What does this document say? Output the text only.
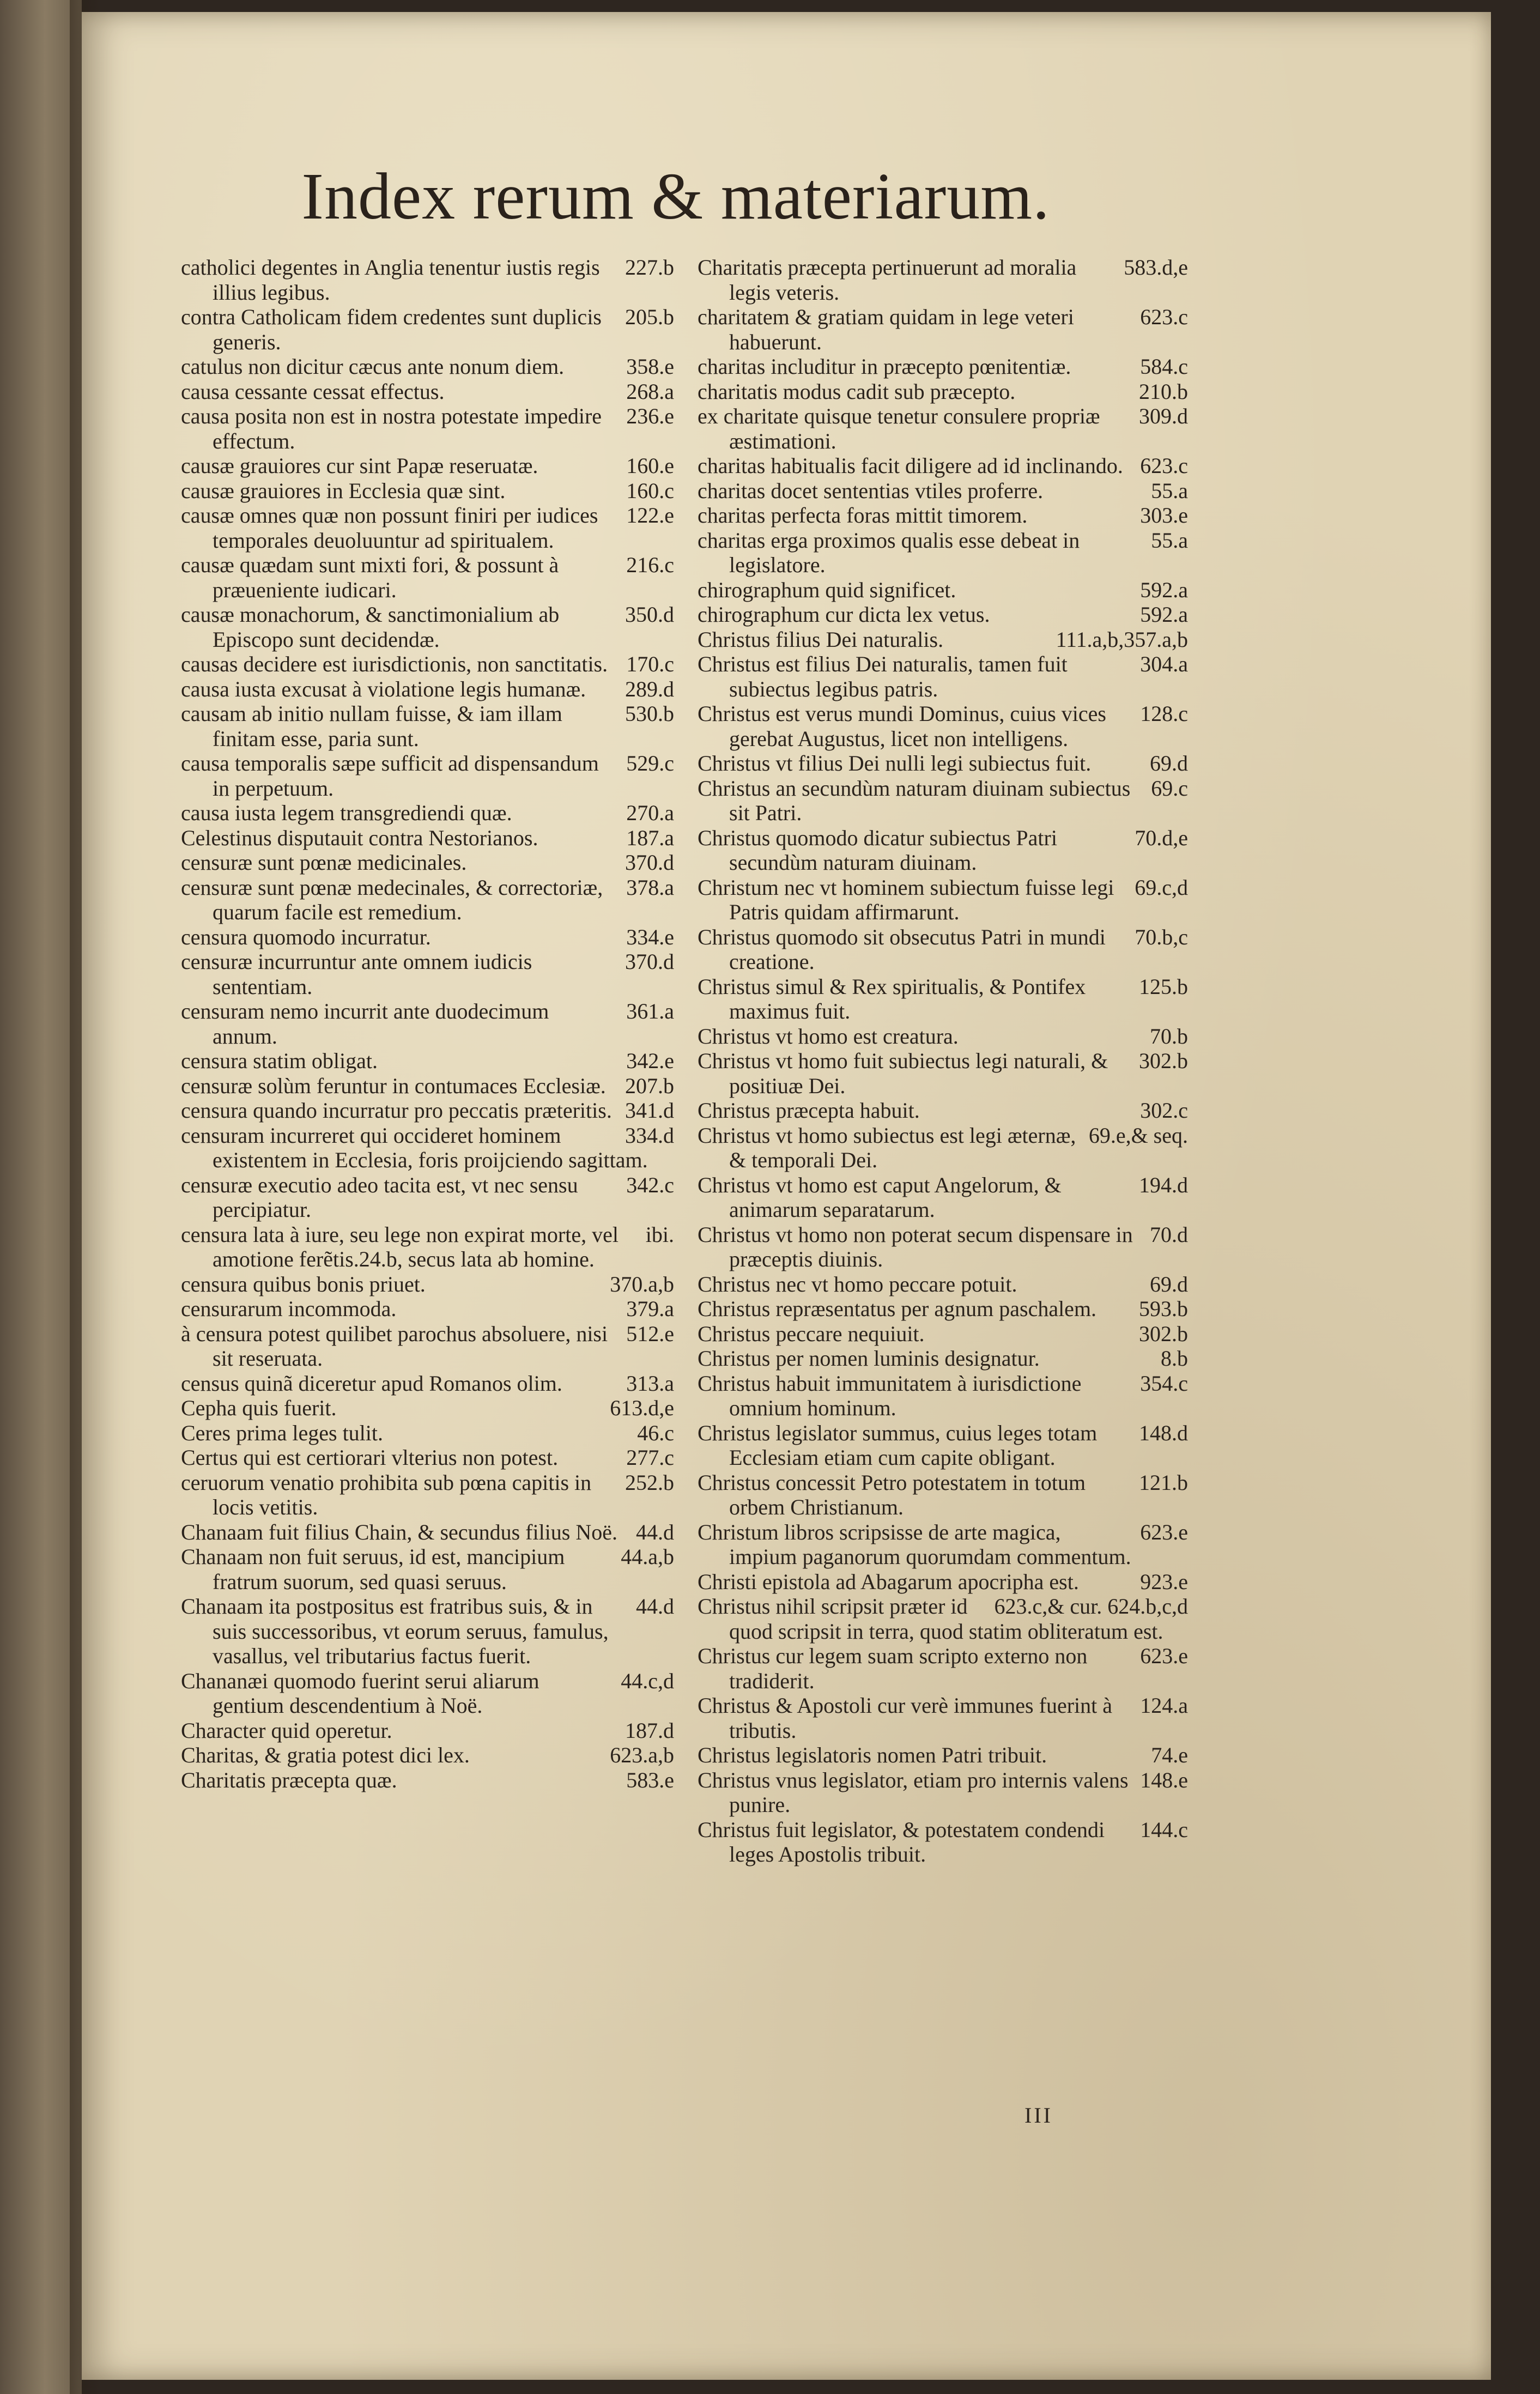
Index rerum & materiarum.
227.b
catholici degentes in Anglia tenentur iustis regis illius legibus.
205.b
contra Catholicam fidem credentes sunt duplicis generis.
358.e
catulus non dicitur cæcus ante nonum diem.
268.a
causa cessante cessat effectus.
236.e
causa posita non est in nostra potestate impedire effectum.
160.e
causæ grauiores cur sint Papæ reseruatæ.
160.c
causæ grauiores in Ecclesia quæ sint.
122.e
causæ omnes quæ non possunt finiri per iudices temporales deuoluuntur ad spiritualem.
216.c
causæ quædam sunt mixti fori, & possunt à præueniente iudicari.
350.d
causæ monachorum, & sanctimonialium ab Episcopo sunt decidendæ.
170.c
causas decidere est iurisdictionis, non sanctitatis.
289.d
causa iusta excusat à violatione legis humanæ.
530.b
causam ab initio nullam fuisse, & iam illam finitam esse, paria sunt.
529.c
causa temporalis sæpe sufficit ad dispensandum in perpetuum.
270.a
causa iusta legem transgrediendi quæ.
187.a
Celestinus disputauit contra Nestorianos.
370.d
censuræ sunt pœnæ medicinales.
378.a
censuræ sunt pœnæ medecinales, & correctoriæ, quarum facile est remedium.
334.e
censura quomodo incurratur.
370.d
censuræ incurruntur ante omnem iudicis sententiam.
361.a
censuram nemo incurrit ante duodecimum annum.
342.e
censura statim obligat.
207.b
censuræ solùm feruntur in contumaces Ecclesiæ.
341.d
censura quando incurratur pro peccatis præteritis.
334.d
censuram incurreret qui occideret hominem existentem in Ecclesia, foris proijciendo sagittam.
342.c
censuræ executio adeo tacita est, vt nec sensu percipiatur.
ibi.
censura lata à iure, seu lege non expirat morte, vel amotione ferẽtis.24.b, secus lata ab homine.
370.a,b
censura quibus bonis priuet.
379.a
censurarum incommoda.
512.e
à censura potest quilibet parochus absoluere, nisi sit reseruata.
313.a
census quinã diceretur apud Romanos olim.
613.d,e
Cepha quis fuerit.
46.c
Ceres prima leges tulit.
277.c
Certus qui est certiorari vlterius non potest.
252.b
ceruorum venatio prohibita sub pœna capitis in locis vetitis.
44.d
Chanaam fuit filius Chain, & secundus filius Noë.
44.a,b
Chanaam non fuit seruus, id est, mancipium fratrum suorum, sed quasi seruus.
44.d
Chanaam ita postpositus est fratribus suis, & in suis successoribus, vt eorum seruus, famulus, vasallus, vel tributarius factus fuerit.
44.c,d
Chananæi quomodo fuerint serui aliarum gentium descendentium à Noë.
187.d
Character quid operetur.
623.a,b
Charitas, & gratia potest dici lex.
583.e
Charitatis præcepta quæ.
583.d,e
Charitatis præcepta pertinuerunt ad moralia legis veteris.
623.c
charitatem & gratiam quidam in lege veteri habuerunt.
584.c
charitas includitur in præcepto pœnitentiæ.
210.b
charitatis modus cadit sub præcepto.
309.d
ex charitate quisque tenetur consulere propriæ æstimationi.
623.c
charitas habitualis facit diligere ad id inclinando.
55.a
charitas docet sententias vtiles proferre.
303.e
charitas perfecta foras mittit timorem.
55.a
charitas erga proximos qualis esse debeat in legislatore.
592.a
chirographum quid significet.
592.a
chirographum cur dicta lex vetus.
111.a,b,357.a,b
Christus filius Dei naturalis.
304.a
Christus est filius Dei naturalis, tamen fuit subiectus legibus patris.
128.c
Christus est verus mundi Dominus, cuius vices gerebat Augustus, licet non intelligens.
69.d
Christus vt filius Dei nulli legi subiectus fuit.
69.c
Christus an secundùm naturam diuinam subiectus sit Patri.
70.d,e
Christus quomodo dicatur subiectus Patri secundùm naturam diuinam.
69.c,d
Christum nec vt hominem subiectum fuisse legi Patris quidam affirmarunt.
70.b,c
Christus quomodo sit obsecutus Patri in mundi creatione.
125.b
Christus simul & Rex spiritualis, & Pontifex maximus fuit.
70.b
Christus vt homo est creatura.
302.b
Christus vt homo fuit subiectus legi naturali, & positiuæ Dei.
302.c
Christus præcepta habuit.
69.e,& seq.
Christus vt homo subiectus est legi æternæ, & temporali Dei.
194.d
Christus vt homo est caput Angelorum, & animarum separatarum.
70.d
Christus vt homo non poterat secum dispensare in præceptis diuinis.
69.d
Christus nec vt homo peccare potuit.
593.b
Christus repræsentatus per agnum paschalem.
302.b
Christus peccare nequiuit.
8.b
Christus per nomen luminis designatur.
354.c
Christus habuit immunitatem à iurisdictione omnium hominum.
148.d
Christus legislator summus, cuius leges totam Ecclesiam etiam cum capite obligant.
121.b
Christus concessit Petro potestatem in totum orbem Christianum.
623.e
Christum libros scripsisse de arte magica, impium paganorum quorumdam commentum.
923.e
Christi epistola ad Abagarum apocripha est.
623.c,& cur. 624.b,c,d
Christus nihil scripsit præter id quod scripsit in terra, quod statim obliteratum est.
623.e
Christus cur legem suam scripto externo non tradiderit.
124.a
Christus & Apostoli cur verè immunes fuerint à tributis.
74.e
Christus legislatoris nomen Patri tribuit.
148.e
Christus vnus legislator, etiam pro internis valens punire.
144.c
Christus fuit legislator, & potestatem condendi leges Apostolis tribuit.
III
